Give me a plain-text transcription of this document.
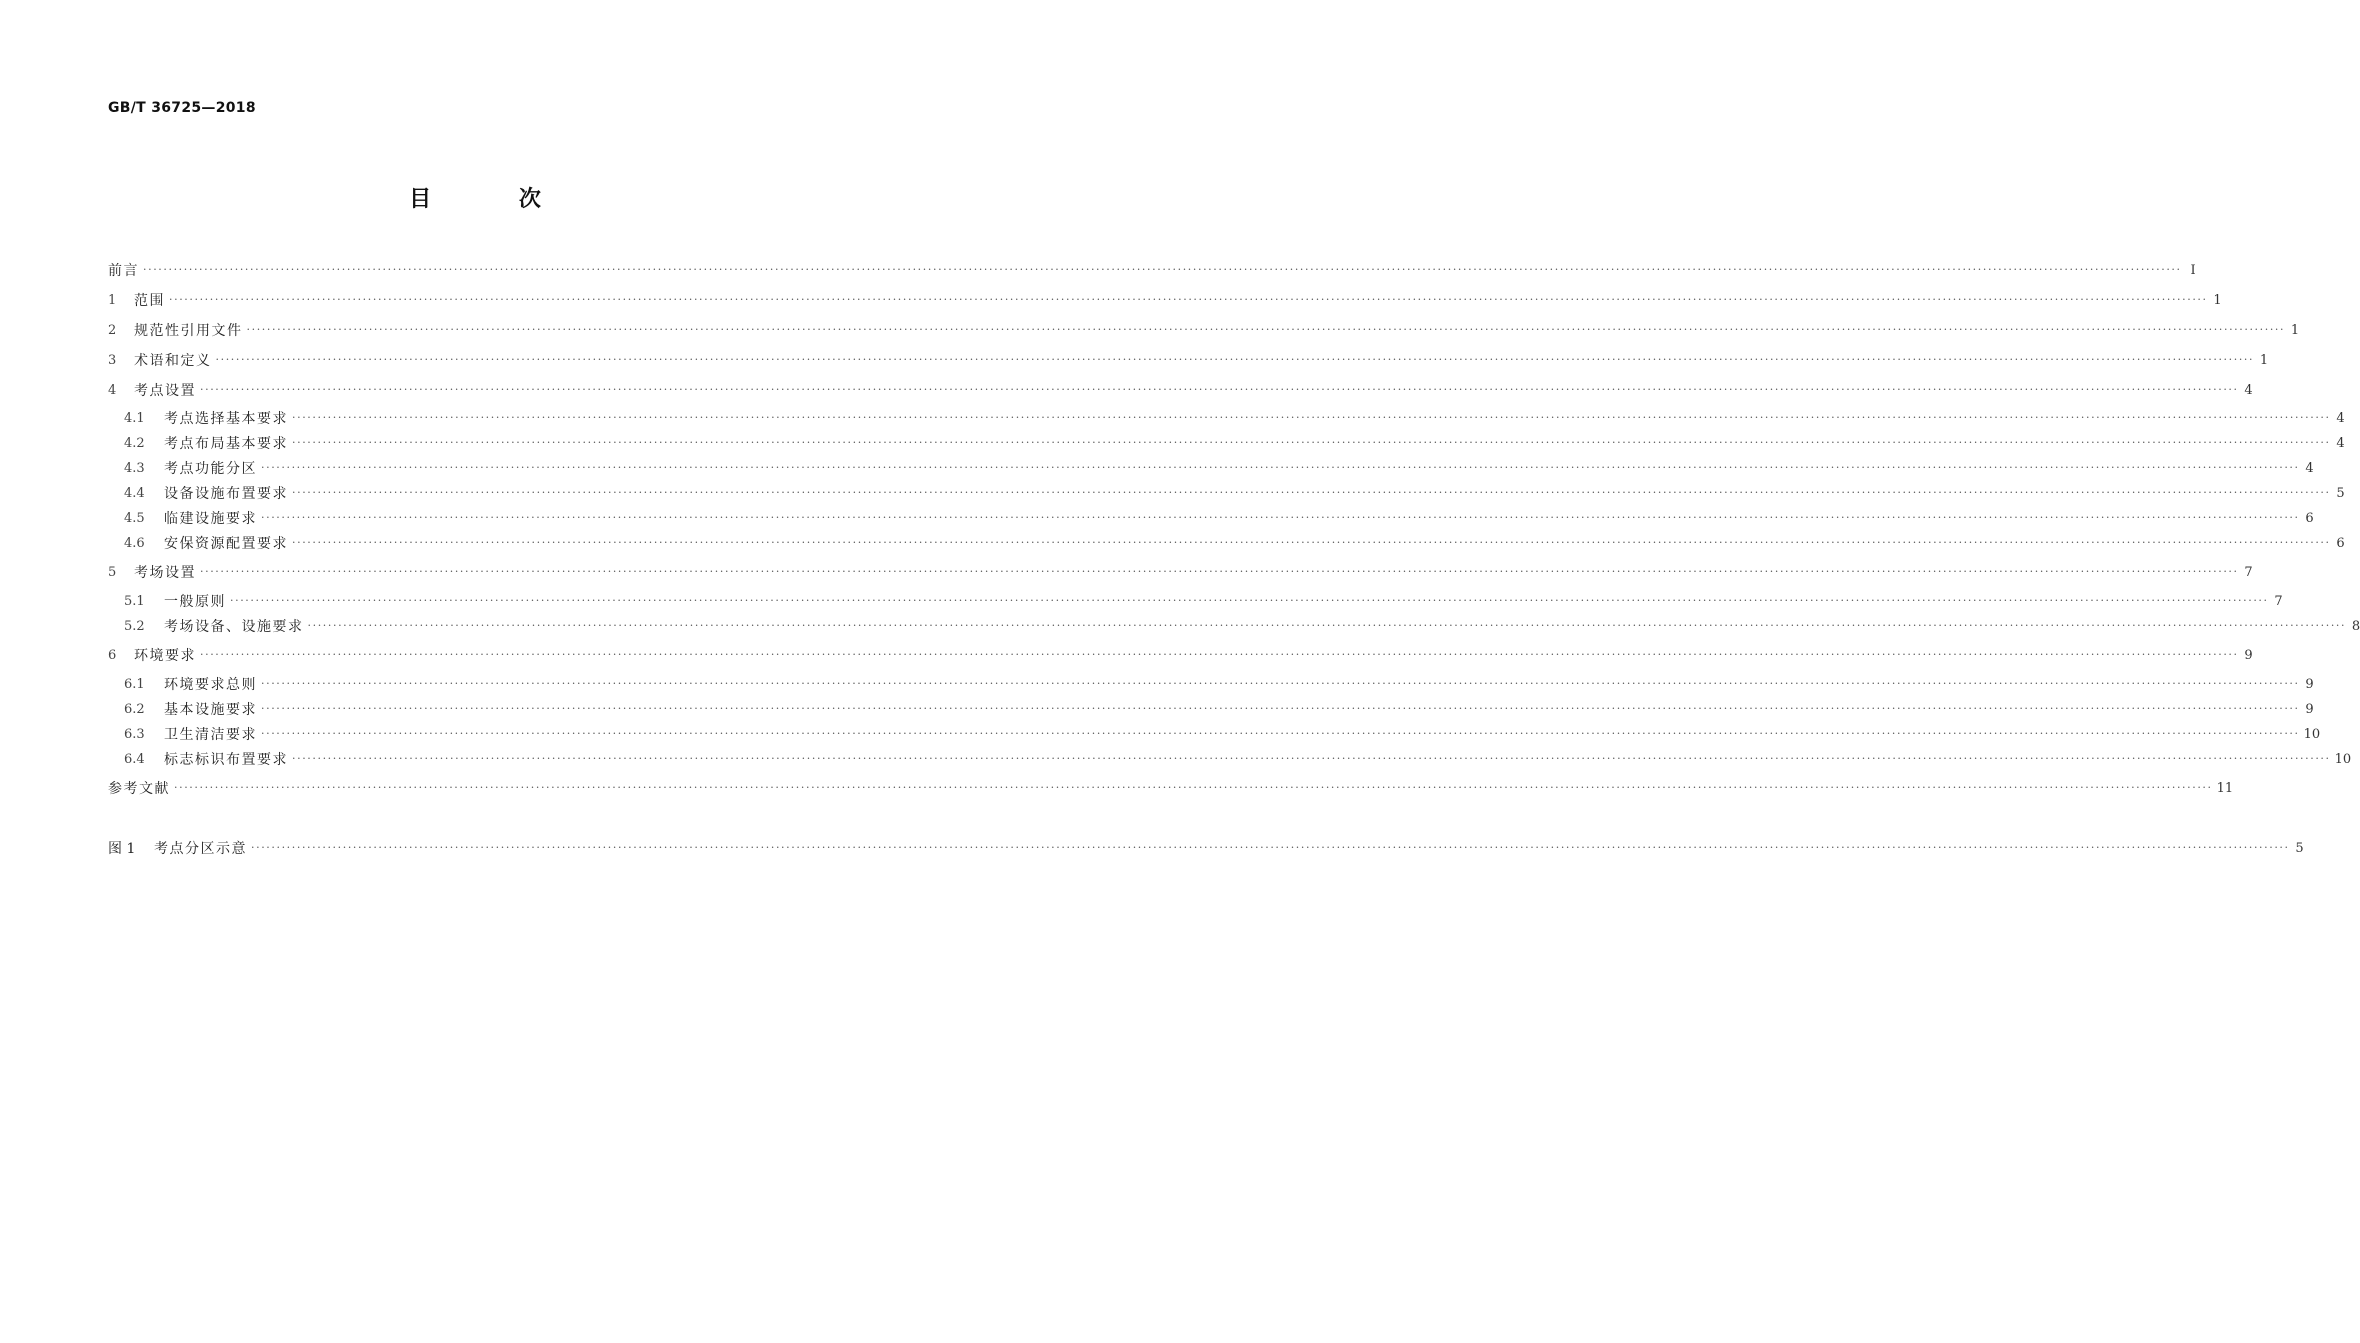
GB/T 36725—2018
目 次
前言 ················································································································································································································································································································································································································ Ⅰ
1	范围 ················································································································································································································································································································································································································ 1
2	规范性引用文件 ················································································································································································································································································································································································································ 1
3	术语和定义 ················································································································································································································································································································································································································ 1
4	考点设置 ················································································································································································································································································································································································································ 4
4.1	考点选择基本要求 ················································································································································································································································································································································································································ 4
4.2	考点布局基本要求 ················································································································································································································································································································································································································ 4
4.3	考点功能分区 ················································································································································································································································································································································································································ 4
4.4	设备设施布置要求 ················································································································································································································································································································································································································ 5
4.5	临建设施要求 ················································································································································································································································································································································································································ 6
4.6	安保资源配置要求 ················································································································································································································································································································································································································ 6
5	考场设置 ················································································································································································································································································································································································································ 7
5.1	一般原则 ················································································································································································································································································································································································································ 7
5.2	考场设备、设施要求 ················································································································································································································································································································································································································ 8
6	环境要求 ················································································································································································································································································································································································································ 9
6.1	环境要求总则 ················································································································································································································································································································································································································ 9
6.2	基本设施要求 ················································································································································································································································································································································································································ 9
6.3	卫生清洁要求 ················································································································································································································································································································································································································ 10
6.4	标志标识布置要求 ················································································································································································································································································································································································································ 10
参考文献 ················································································································································································································································································································································································································ 11
图 1	考点分区示意 ················································································································································································································································································································································································································ 5
